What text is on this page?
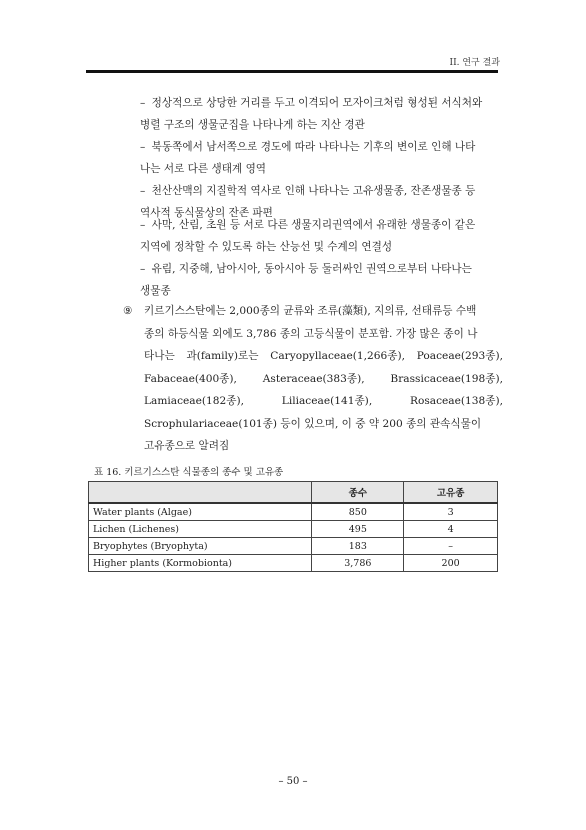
II. 연구 결과
– 정상적으로 상당한 거리를 두고 이격되어 모자이크처럼 형성된 서식처와
병렬 구조의 생물군집을 나타나게 하는 지산 경관
– 북동쪽에서 남서쪽으로 경도에 따라 나타나는 기후의 변이로 인해 나타
나는 서로 다른 생태계 영역
– 천산산맥의 지질학적 역사로 인해 나타나는 고유생물종, 잔존생물종 등
역사적 동식물상의 잔존 파편
– 사막, 산림, 초원 등 서로 다른 생물지리권역에서 유래한 생물종이 같은
지역에 정착할 수 있도록 하는 산능선 및 수계의 연결성
– 유림, 지중해, 남아시아, 동아시아 등 둘러싸인 권역으로부터 나타나는
생물종
⑨ 키르기스스탄에는 2,000종의 균류와 조류(藻類), 지의류, 선태류등 수백
종의 하등식물 외에도 3,786 종의 고등식물이 분포함. 가장 많은 종이 나
타나는 과(family)로는 Caryopyllaceae(1,266종), Poaceae(293종),
Fabaceae(400종), Asteraceae(383종), Brassicaceae(198종),
Lamiaceae(182종),	Liliaceae(141종),	Rosaceae(138종),
Scrophulariaceae(101종) 등이 있으며, 이 중 약 200 종의 관속식물이
고유종으로 알려짐
표 16. 키르기스스탄 식물종의 종수 및 고유종
	종수	고유종
Water plants (Algae)	850	3
Lichen (Lichenes)	495	4
Bryophytes (Bryophyta)	183	–
Higher plants (Kormobionta)	3,786	200
– 50 –
